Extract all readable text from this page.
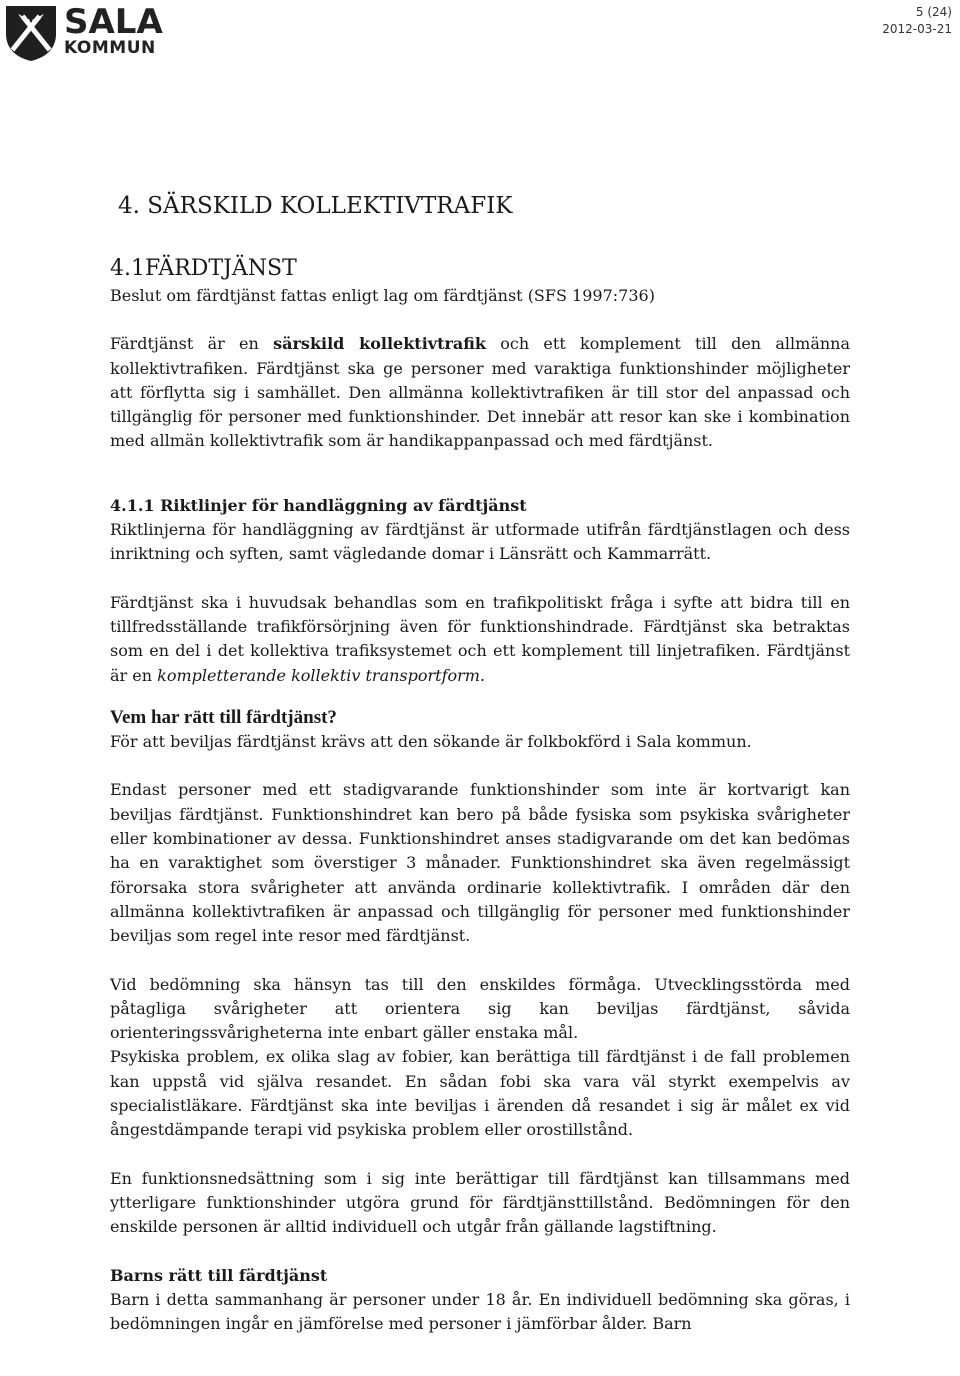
SALA
KOMMUN
5 (24)
2012-03-21

4. SÄRSKILD KOLLEKTIVTRAFIK

4.1FÄRDTJÄNST

Beslut om färdtjänst fattas enligt lag om färdtjänst (SFS 1997:736)

Färdtjänst är en särskild kollektivtrafik och ett komplement till den allmänna kollektivtrafiken. Färdtjänst ska ge personer med varaktiga funktionshinder möjligheter att förflytta sig i samhället. Den allmänna kollektivtrafiken är till stor del anpassad och tillgänglig för personer med funktionshinder. Det innebär att resor kan ske i kombination med allmän kollektivtrafik som är handikappanpassad och med färdtjänst.

4.1.1 Riktlinjer för handläggning av färdtjänst

Riktlinjerna för handläggning av färdtjänst är utformade utifrån färdtjänstlagen och dess inriktning och syften, samt vägledande domar i Länsrätt och Kammarrätt.

Färdtjänst ska i huvudsak behandlas som en trafikpolitiskt fråga i syfte att bidra till en tillfredsställande trafikförsörjning även för funktionshindrade. Färdtjänst ska betraktas som en del i det kollektiva trafiksystemet och ett komplement till linjetrafiken. Färdtjänst är en kompletterande kollektiv transportform.

Vem har rätt till färdtjänst?

För att beviljas färdtjänst krävs att den sökande är folkbokförd i Sala kommun.

Endast personer med ett stadigvarande funktionshinder som inte är kortvarigt kan beviljas färdtjänst. Funktionshindret kan bero på både fysiska som psykiska svårigheter eller kombinationer av dessa. Funktionshindret anses stadigvarande om det kan bedömas ha en varaktighet som överstiger 3 månader. Funktionshindret ska även regelmässigt förorsaka stora svårigheter att använda ordinarie kollektivtrafik. I områden där den allmänna kollektivtrafiken är anpassad och tillgänglig för personer med funktionshinder beviljas som regel inte resor med färdtjänst.

Vid bedömning ska hänsyn tas till den enskildes förmåga. Utvecklingsstörda med påtagliga svårigheter att orientera sig kan beviljas färdtjänst, såvida orienteringssvårigheterna inte enbart gäller enstaka mål.

Psykiska problem, ex olika slag av fobier, kan berättiga till färdtjänst i de fall problemen kan uppstå vid själva resandet. En sådan fobi ska vara väl styrkt exempelvis av specialistläkare. Färdtjänst ska inte beviljas i ärenden då resandet i sig är målet ex vid ångestdämpande terapi vid psykiska problem eller orostillstånd.

En funktionsnedsättning som i sig inte berättigar till färdtjänst kan tillsammans med ytterligare funktionshinder utgöra grund för färdtjänsttillstånd. Bedömningen för den enskilde personen är alltid individuell och utgår från gällande lagstiftning.

Barns rätt till färdtjänst

Barn i detta sammanhang är personer under 18 år. En individuell bedömning ska göras, i bedömningen ingår en jämförelse med personer i jämförbar ålder. Barn
